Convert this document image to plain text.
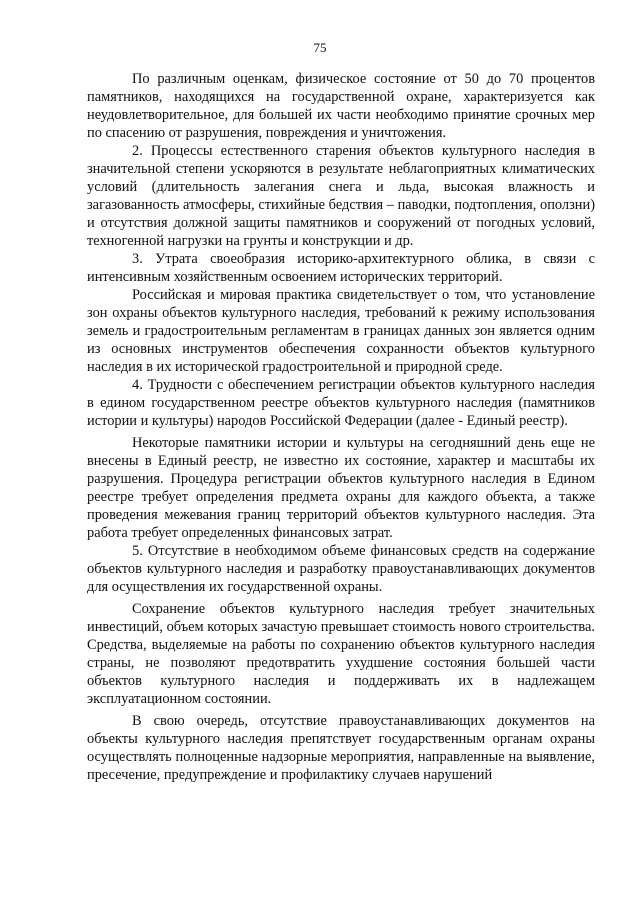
75

По различным оценкам, физическое состояние от 50 до 70 процентов памятников, находящихся на государственной охране, характеризуется как неудовлетворительное, для большей их части необходимо принятие срочных мер по спасению от разрушения, повреждения и уничтожения.

2. Процессы естественного старения объектов культурного наследия в значительной степени ускоряются в результате неблагоприятных климатических условий (длительность залегания снега и льда, высокая влажность и загазованность атмосферы, стихийные бедствия – паводки, подтопления, оползни) и отсутствия должной защиты памятников и сооружений от погодных условий, техногенной нагрузки на грунты и конструкции и др.

3. Утрата своеобразия историко-архитектурного облика, в связи с интенсивным хозяйственным освоением исторических территорий.

Российская и мировая практика свидетельствует о том, что установление зон охраны объектов культурного наследия, требований к режиму использования земель и градостроительным регламентам в границах данных зон является одним из основных инструментов обеспечения сохранности объектов культурного наследия в их исторической градостроительной и природной среде.

4. Трудности с обеспечением регистрации объектов культурного наследия в едином государственном реестре объектов культурного наследия (памятников истории и культуры) народов Российской Федерации (далее - Единый реестр).

Некоторые памятники истории и культуры на сегодняшний день еще не внесены в Единый реестр, не известно их состояние, характер и масштабы их разрушения. Процедура регистрации объектов культурного наследия в Едином реестре требует определения предмета охраны для каждого объекта, а также проведения межевания границ территорий объектов культурного наследия. Эта работа требует определенных финансовых затрат.

5. Отсутствие в необходимом объеме финансовых средств на содержание объектов культурного наследия и разработку правоустанавливающих документов для осуществления их государственной охраны.

Сохранение объектов культурного наследия требует значительных инвестиций, объем которых зачастую превышает стоимость нового строительства. Средства, выделяемые на работы по сохранению объектов культурного наследия страны, не позволяют предотвратить ухудшение состояния большей части объектов культурного наследия и поддерживать их в надлежащем эксплуатационном состоянии.

В свою очередь, отсутствие правоустанавливающих документов на объекты культурного наследия препятствует государственным органам охраны осуществлять полноценные надзорные мероприятия, направленные на выявление, пресечение, предупреждение и профилактику случаев нарушений
